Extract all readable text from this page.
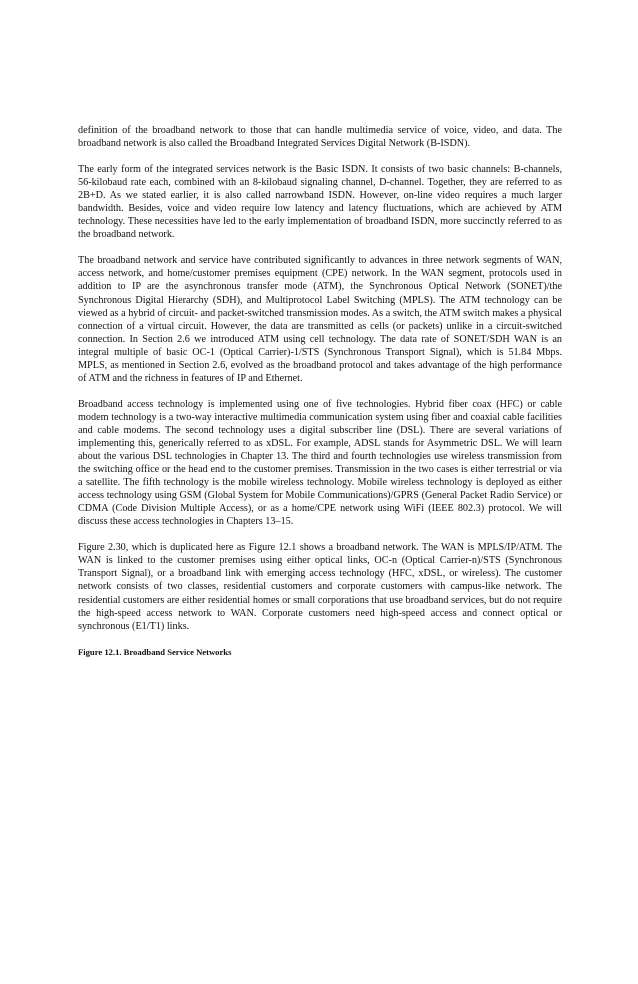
definition of the broadband network to those that can handle multimedia service of voice, video, and data. The broadband network is also called the Broadband Integrated Services Digital Network (B-ISDN).

The early form of the integrated services network is the Basic ISDN. It consists of two basic channels: B-channels, 56-kilobaud rate each, combined with an 8-kilobaud signaling channel, D-channel. Together, they are referred to as 2B+D. As we stated earlier, it is also called narrowband ISDN. However, on-line video requires a much larger bandwidth. Besides, voice and video require low latency and latency fluctuations, which are achieved by ATM technology. These necessities have led to the early implementation of broadband ISDN, more succinctly referred to as the broadband network.

The broadband network and service have contributed significantly to advances in three network segments of WAN, access network, and home/customer premises equipment (CPE) network. In the WAN segment, protocols used in addition to IP are the asynchronous transfer mode (ATM), the Synchronous Optical Network (SONET)/the Synchronous Digital Hierarchy (SDH), and Multiprotocol Label Switching (MPLS). The ATM technology can be viewed as a hybrid of circuit- and packet-switched transmission modes. As a switch, the ATM switch makes a physical connection of a virtual circuit. However, the data are transmitted as cells (or packets) unlike in a circuit-switched connection. In Section 2.6 we introduced ATM using cell technology. The data rate of SONET/SDH WAN is an integral multiple of basic OC-1 (Optical Carrier)-1/STS (Synchronous Transport Signal), which is 51.84 Mbps. MPLS, as mentioned in Section 2.6, evolved as the broadband protocol and takes advantage of the high performance of ATM and the richness in features of IP and Ethernet.

Broadband access technology is implemented using one of five technologies. Hybrid fiber coax (HFC) or cable modem technology is a two-way interactive multimedia communication system using fiber and coaxial cable facilities and cable modems. The second technology uses a digital subscriber line (DSL). There are several variations of implementing this, generically referred to as xDSL. For example, ADSL stands for Asymmetric DSL. We will learn about the various DSL technologies in Chapter 13. The third and fourth technologies use wireless transmission from the switching office or the head end to the customer premises. Transmission in the two cases is either terrestrial or via a satellite. The fifth technology is the mobile wireless technology. Mobile wireless technology is deployed as either access technology using GSM (Global System for Mobile Communications)/GPRS (General Packet Radio Service) or CDMA (Code Division Multiple Access), or as a home/CPE network using WiFi (IEEE 802.3) protocol. We will discuss these access technologies in Chapters 13–15.

Figure 2.30, which is duplicated here as Figure 12.1 shows a broadband network. The WAN is MPLS/IP/ATM. The WAN is linked to the customer premises using either optical links, OC-n (Optical Carrier-n)/STS (Synchronous Transport Signal), or a broadband link with emerging access technology (HFC, xDSL, or wireless). The customer network consists of two classes, residential customers and corporate customers with campus-like network. The residential customers are either residential homes or small corporations that use broadband services, but do not require the high-speed access network to WAN. Corporate customers need high-speed access and connect optical or synchronous (E1/T1) links.

Figure 12.1. Broadband Service Networks
